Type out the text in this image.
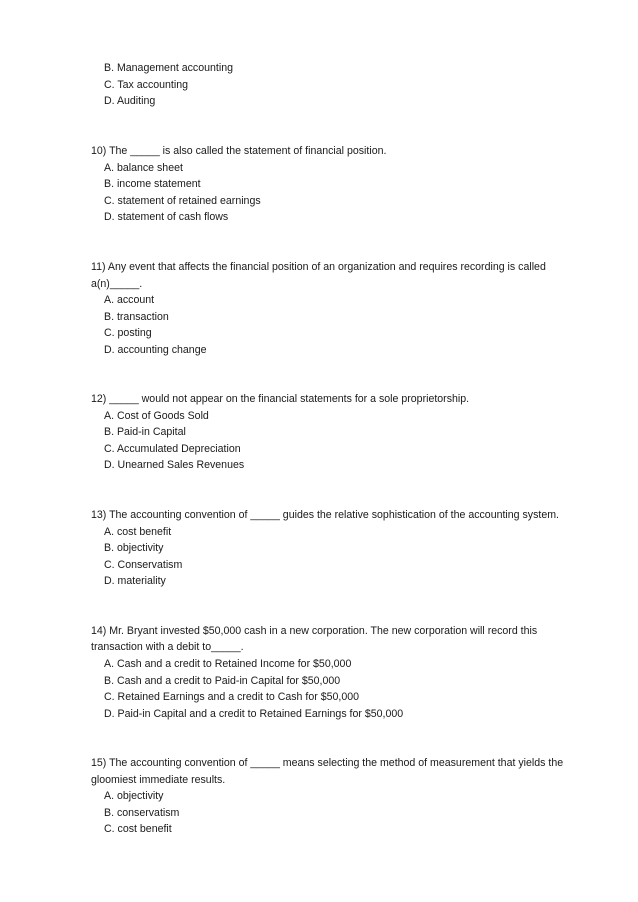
B. Management accounting
C. Tax accounting
D. Auditing
10) The _____ is also called the statement of financial position.
A. balance sheet
B. income statement
C. statement of retained earnings
D. statement of cash flows
11) Any event that affects the financial position of an organization and requires recording is called
a(n)_____.
A. account
B. transaction
C. posting
D. accounting change
12) _____ would not appear on the financial statements for a sole proprietorship.
A. Cost of Goods Sold
B. Paid-in Capital
C. Accumulated Depreciation
D. Unearned Sales Revenues
13) The accounting convention of _____ guides the relative sophistication of the accounting system.
A. cost benefit
B. objectivity
C. Conservatism
D. materiality
14) Mr. Bryant invested $50,000 cash in a new corporation. The new corporation will record this
transaction with a debit to_____.
A. Cash and a credit to Retained Income for $50,000
B. Cash and a credit to Paid-in Capital for $50,000
C. Retained Earnings and a credit to Cash for $50,000
D. Paid-in Capital and a credit to Retained Earnings for $50,000
15) The accounting convention of _____ means selecting the method of measurement that yields the
gloomiest immediate results.
A. objectivity
B. conservatism
C. cost benefit
